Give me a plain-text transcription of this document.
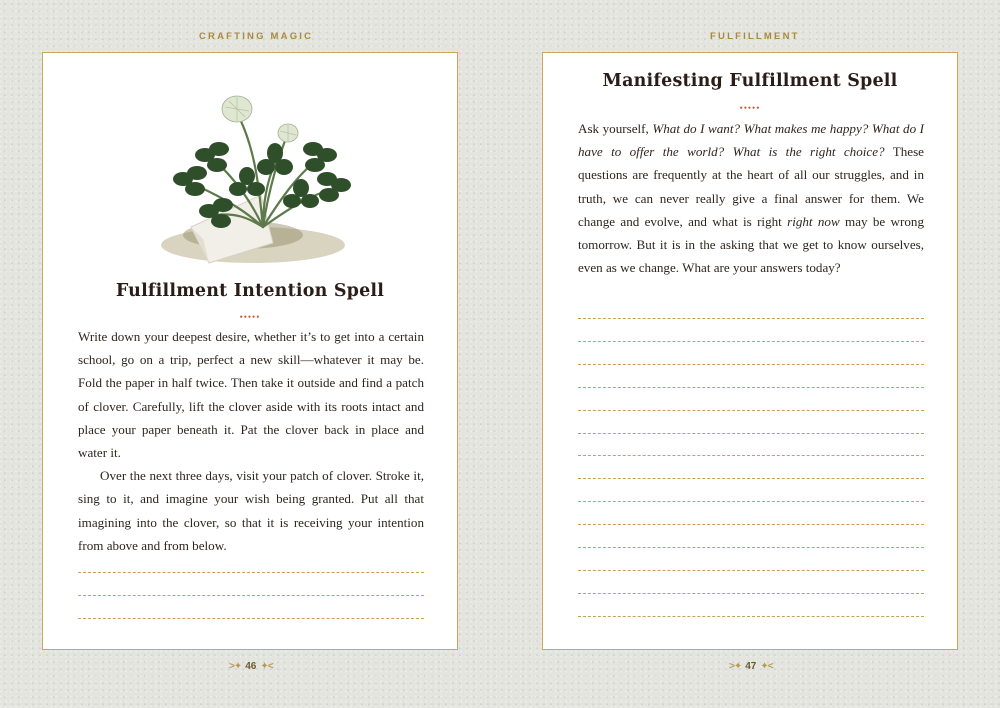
CRAFTING MAGIC	FULFILLMENT
Fulfillment Intention Spell
•••••

Write down your deepest desire, whether it’s to get into a certain school, go on a trip, perfect a new skill—whatever it may be. Fold the paper in half twice. Then take it outside and find a patch of clover. Carefully, lift the clover aside with its roots intact and place your paper beneath it. Pat the clover back in place and water it.

Over the next three days, visit your patch of clover. Stroke it, sing to it, and imagine your wish being granted. Put all that imagining into the clover, so that it is receiving your intention from above and from below.

>✦ 46 ✦<
Manifesting Fulfillment Spell
•••••

Ask yourself, What do I want? What makes me happy? What do I have to offer the world? What is the right choice? These questions are frequently at the heart of all our struggles, and in truth, we can never really give a final answer for them. We change and evolve, and what is right right now may be wrong tomorrow. But it is in the asking that we get to know ourselves, even as we change. What are your answers today?

>✦ 47 ✦<
